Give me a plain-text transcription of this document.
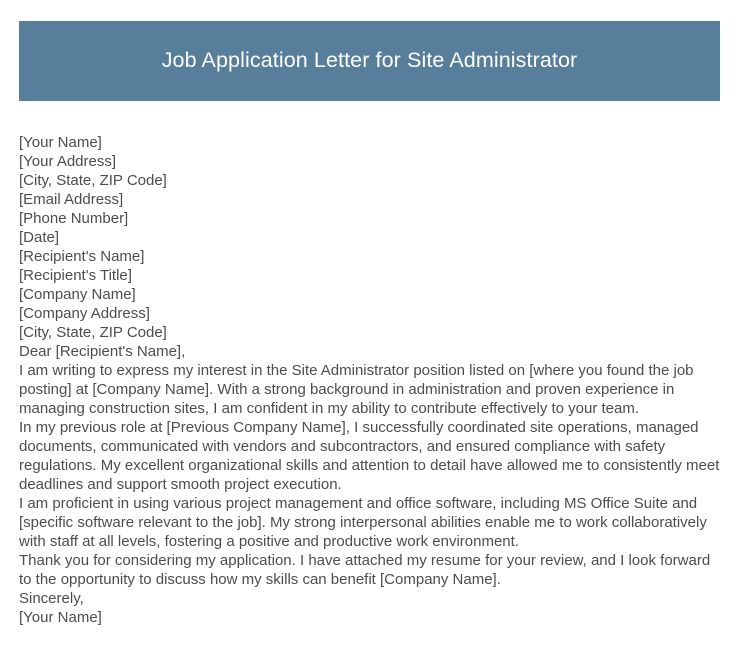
Job Application Letter for Site Administrator
[Your Name]
[Your Address]
[City, State, ZIP Code]
[Email Address]
[Phone Number]
[Date]
[Recipient's Name]
[Recipient's Title]
[Company Name]
[Company Address]
[City, State, ZIP Code]
Dear [Recipient's Name],
I am writing to express my interest in the Site Administrator position listed on [where you found the job posting] at [Company Name]. With a strong background in administration and proven experience in managing construction sites, I am confident in my ability to contribute effectively to your team.
In my previous role at [Previous Company Name], I successfully coordinated site operations, managed documents, communicated with vendors and subcontractors, and ensured compliance with safety regulations. My excellent organizational skills and attention to detail have allowed me to consistently meet deadlines and support smooth project execution.
I am proficient in using various project management and office software, including MS Office Suite and [specific software relevant to the job]. My strong interpersonal abilities enable me to work collaboratively with staff at all levels, fostering a positive and productive work environment.
Thank you for considering my application. I have attached my resume for your review, and I look forward to the opportunity to discuss how my skills can benefit [Company Name].
Sincerely,
[Your Name]
